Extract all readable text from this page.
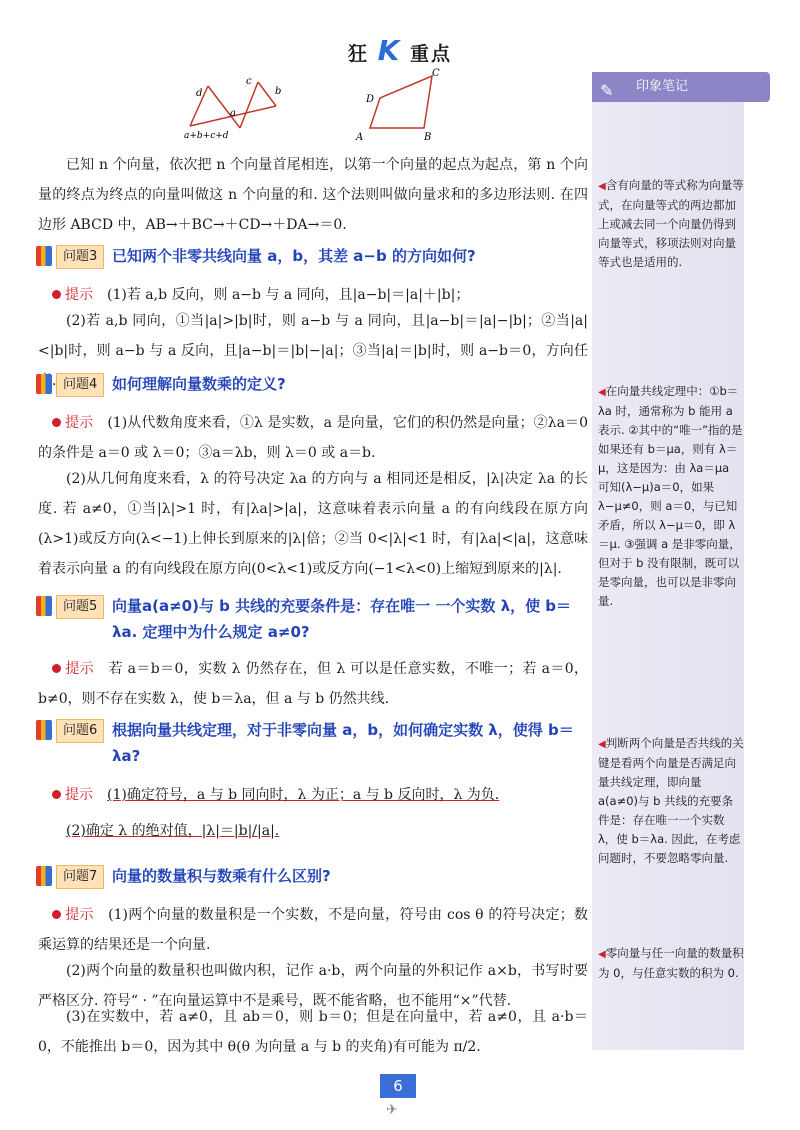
狂 K 重点
d
c
b
a
a+b+c+d	A	B
C
D	✎ 印象笔记
◀含有向量的等式称为向量等式，在向量等式的两边都加上或减去同一个向量仍得到向量等式，移项法则对向量等式也是适用的.
◀在向量共线定理中：①b＝λa 时，通常称为 b 能用 a 表示. ②其中的“唯一”指的是如果还有 b＝μa，则有 λ＝μ，这是因为：由 λa＝μa 可知(λ−μ)a＝0，如果 λ−μ≠0，则 a＝0，与已知矛盾，所以 λ−μ＝0，即 λ＝μ. ③强调 a 是非零向量，但对于 b 没有限制，既可以是零向量，也可以是非零向量.
◀判断两个向量是否共线的关键是看两个向量是否满足向量共线定理，即向量 a(a≠0)与 b 共线的充要条件是：存在唯一一个实数 λ，使 b＝λa. 因此，在考虑问题时，不要忽略零向量.
◀零向量与任一向量的数量积为 0，与任意实数的积为 0.
已知 n 个向量，依次把 n 个向量首尾相连，以第一个向量的起点为起点，第 n 个向量的终点为终点的向量叫做这 n 个向量的和. 这个法则叫做向量求和的多边形法则. 在四边形 ABCD 中，AB→＋BC→＋CD→＋DA→＝0.
问题3 已知两个非零共线向量 a，b，其差 a−b 的方向如何?
提示　 (1)若 a,b 反向，则 a−b 与 a 同向，且|a−b|＝|a|＋|b|；
(2)若 a,b 同向，①当|a|>|b|时，则 a−b 与 a 同向，且|a−b|＝|a|−|b|；②当|a|<|b|时，则 a−b 与 a 反向，且|a−b|＝|b|−|a|；③当|a|＝|b|时，则 a−b＝0，方向任 . 问题4 如何理解向量数乘的定义?
提示　 (1)从代数角度来看，①λ 是实数，a 是向量，它们的积仍然是向量；②λa＝0 的条件是 a＝0 或 λ＝0；③a＝λb，则 λ＝0 或 a＝b.
(2)从几何角度来看，λ 的符号决定 λa 的方向与 a 相同还是相反，|λ|决定 λa 的长度. 若 a≠0，①当|λ|>1 时，有|λa|>|a|，这意味着表示向量 a 的有向线段在原方向(λ>1)或反方向(λ<−1)上伸长到原来的|λ|倍；②当 0<|λ|<1 时，有|λa|<|a|，这意味着表示向量 a 的有向线段在原方向(0<λ<1)或反方向(−1<λ<0)上缩短到原来的|λ|.
问题5 向量a(a≠0)与 b 共线的充要条件是：存在唯一 一个实数 λ，使 b＝λa. 定理中为什么规定 a≠0?
提示　 若 a＝b＝0，实数 λ 仍然存在，但 λ 可以是任意实数，不唯一；若 a＝0，b≠0，则不存在实数 λ，使 b＝λa，但 a 与 b 仍然共线.
问题6 根据向量共线定理，对于非零向量 a，b，如何确定实数 λ，使得 b＝λa?
提示　 (1)确定符号，a 与 b 同向时，λ 为正；a 与 b 反向时，λ 为负.
(2)确定 λ 的绝对值，|λ|＝|b|/|a|.
问题7 向量的数量积与数乘有什么区别?
提示　 (1)两个向量的数量积是一个实数，不是向量，符号由 cos θ 的符号决定；数乘运算的结果还是一个向量.
(2)两个向量的数量积也叫做内积，记作 a·b，两个向量的外积记作 a×b，书写时要严格区分. 符号“ · ”在向量运算中不是乘号，既不能省略，也不能用“×”代替.
(3)在实数中，若 a≠0，且 ab＝0，则 b＝0；但是在向量中，若 a≠0，且 a·b＝0，不能推出 b＝0，因为其中 θ(θ 为向量 a 与 b 的夹角)有可能为 π/2.
6
✈
